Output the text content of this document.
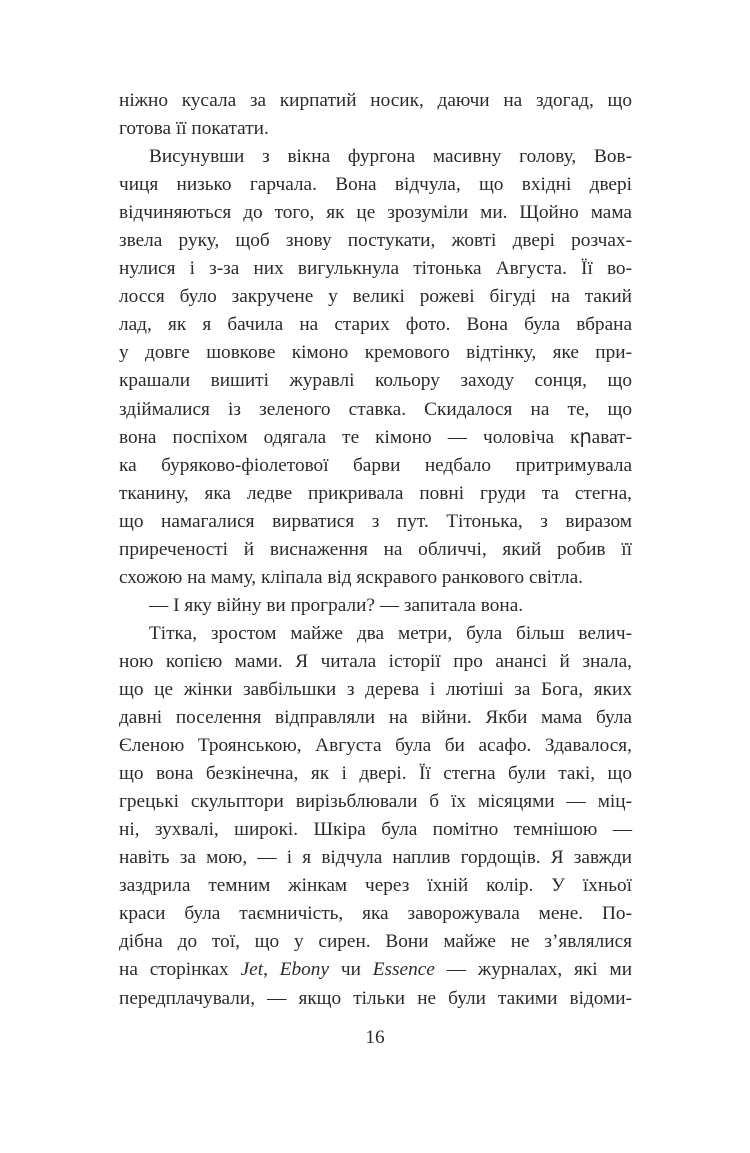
ніжно кусала за кирпатий носик, даючи на здогад, що
готова її покатати.
Висунувши з вікна фургона масивну голову, Вов-
чиця низько гарчала. Вона відчула, що вхідні двері
відчиняються до того, як це зрозуміли ми. Щойно мама
звела руку, щоб знову постукати, жовті двері розчах-
нулися і з-за них вигулькнула тітонька Августа. Її во-
лосся було закручене у великі рожеві бігуді на такий
лад, як я бачила на старих фото. Вона була вбрана
у довге шовкове кімоно кремового відтінку, яке при-
крашали вишиті журавлі кольору заходу сонця, що
здіймалися із зеленого ставка. Скидалося на те, що
вона поспіхом одягала те кімоно — чоловіча кրават-
ка буряково-фіолетової барви недбало притримувала
тканину, яка ледве прикривала повні груди та стегна,
що намагалися вирватися з пут. Тітонька, з виразом
приреченості й виснаження на обличчі, який робив її
схожою на маму, кліпала від яскравого ранкового світла.
— І яку війну ви програли? — запитала вона.
Тітка, зростом майже два метри, була більш велич-
ною копією мами. Я читала історії про анансі й знала,
що це жінки завбільшки з дерева і лютіші за Бога, яких
давні поселення відправляли на війни. Якби мама була
Єленою Троянською, Августа була би асафо. Здавалося,
що вона безкінечна, як і двері. Її стегна були такі, що
грецькі скульптори вирізьблювали б їх місяцями — міц-
ні, зухвалі, широкі. Шкіра була помітно темнішою —
навіть за мою, — і я відчула наплив гордощів. Я завжди
заздрила темним жінкам через їхній колір. У їхньої
краси була таємничість, яка заворожувала мене. По-
дібна до тої, що у сирен. Вони майже не з’являлися
на сторінках Jet, Ebony чи Essence — журналах, які ми
передплачували, — якщо тільки не були такими відоми-
16
